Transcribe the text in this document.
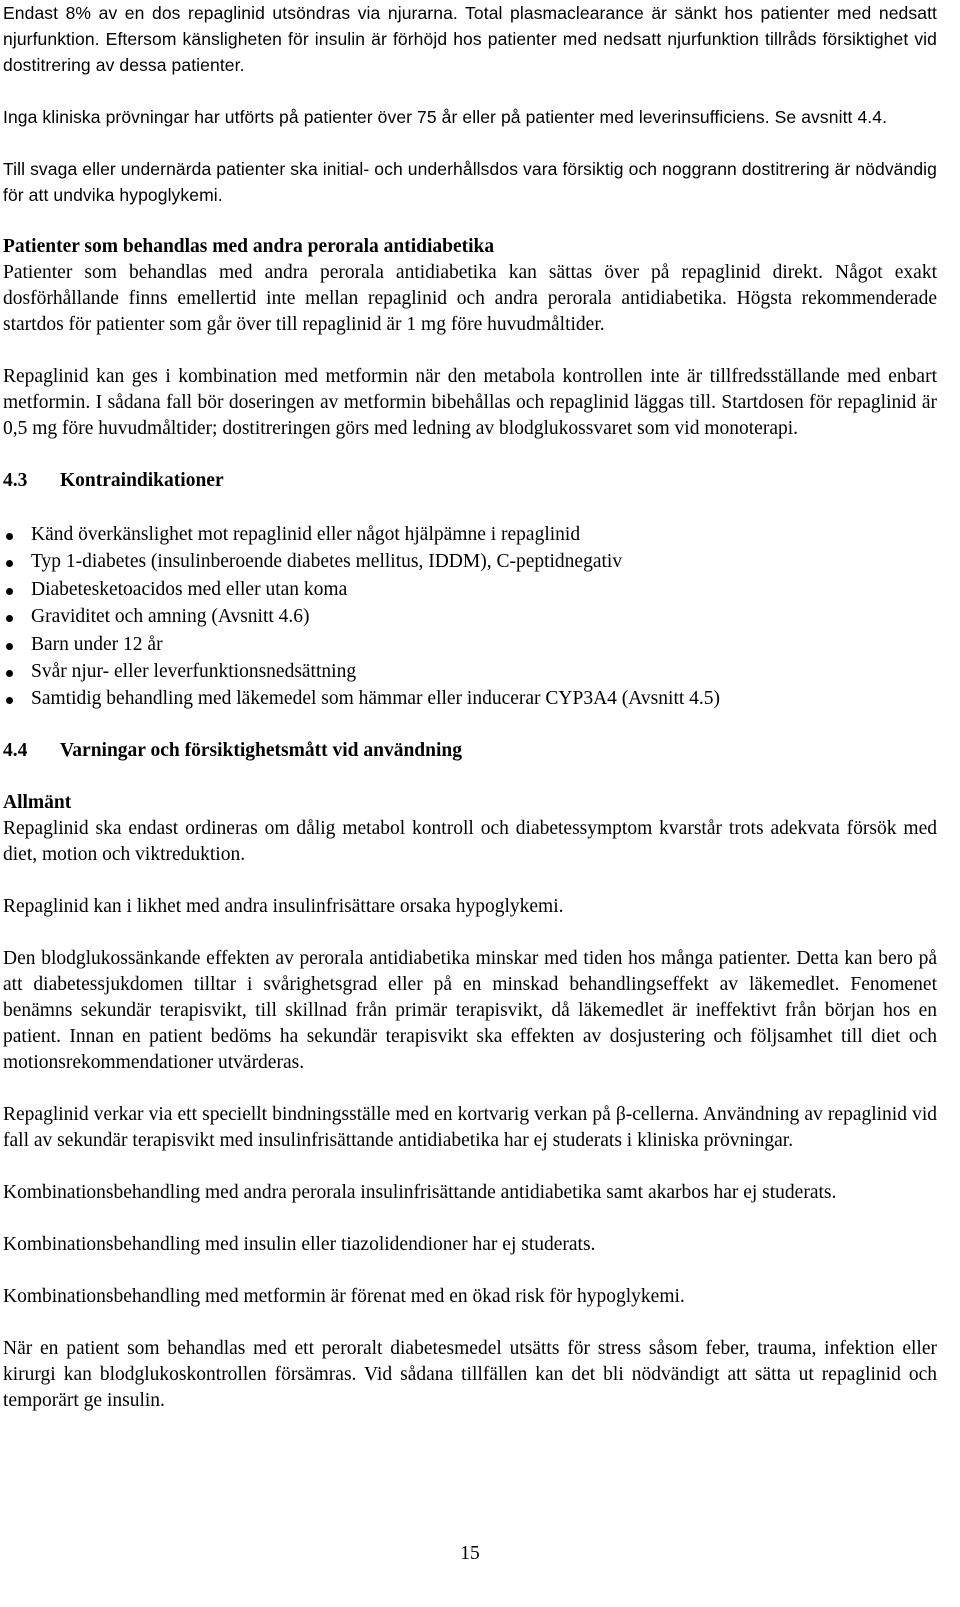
Endast 8% av en dos repaglinid utsöndras via njurarna. Total plasmaclearance är sänkt hos patienter med nedsatt njurfunktion. Eftersom känsligheten för insulin är förhöjd hos patienter med nedsatt njurfunktion tillråds försiktighet vid dostitrering av dessa patienter.

Inga kliniska prövningar har utförts på patienter över 75 år eller på patienter med leverinsufficiens. Se avsnitt 4.4.

Till svaga eller undernärda patienter ska initial- och underhållsdos vara försiktig och noggrann dostitrering är nödvändig för att undvika hypoglykemi.

Patienter som behandlas med andra perorala antidiabetika

Patienter som behandlas med andra perorala antidiabetika kan sättas över på repaglinid direkt. Något exakt dosförhållande finns emellertid inte mellan repaglinid och andra perorala antidiabetika. Högsta rekommenderade startdos för patienter som går över till repaglinid är 1 mg före huvudmåltider.

Repaglinid kan ges i kombination med metformin när den metabola kontrollen inte är tillfredsställande med enbart metformin. I sådana fall bör doseringen av metformin bibehållas och repaglinid läggas till. Startdosen för repaglinid är 0,5 mg före huvudmåltider; dostitreringen görs med ledning av blodglukossvaret som vid monoterapi.

4.3	Kontraindikationer
Känd överkänslighet mot repaglinid eller något hjälpämne i repaglinid
Typ 1-diabetes (insulinberoende diabetes mellitus, IDDM), C-peptidnegativ
Diabetesketoacidos med eller utan koma
Graviditet och amning (Avsnitt 4.6)
Barn under 12 år
Svår njur- eller leverfunktionsnedsättning
Samtidig behandling med läkemedel som hämmar eller inducerar CYP3A4 (Avsnitt 4.5)
4.4	Varningar och försiktighetsmått vid användning

Allmänt

Repaglinid ska endast ordineras om dålig metabol kontroll och diabetessymptom kvarstår trots adekvata försök med diet, motion och viktreduktion.

Repaglinid kan i likhet med andra insulinfrisättare orsaka hypoglykemi.

Den blodglukossänkande effekten av perorala antidiabetika minskar med tiden hos många patienter. Detta kan bero på att diabetessjukdomen tilltar i svårighetsgrad eller på en minskad behandlingseffekt av läkemedlet. Fenomenet benämns sekundär terapisvikt, till skillnad från primär terapisvikt, då läkemedlet är ineffektivt från början hos en patient. Innan en patient bedöms ha sekundär terapisvikt ska effekten av dosjustering och följsamhet till diet och motionsrekommendationer utvärderas.

Repaglinid verkar via ett speciellt bindningsställe med en kortvarig verkan på β-cellerna. Användning av repaglinid vid fall av sekundär terapisvikt med insulinfrisättande antidiabetika har ej studerats i kliniska prövningar.

Kombinationsbehandling med andra perorala insulinfrisättande antidiabetika samt akarbos har ej studerats.

Kombinationsbehandling med insulin eller tiazolidendioner har ej studerats.

Kombinationsbehandling med metformin är förenat med en ökad risk för hypoglykemi.

När en patient som behandlas med ett peroralt diabetesmedel utsätts för stress såsom feber, trauma, infektion eller kirurgi kan blodglukoskontrollen försämras. Vid sådana tillfällen kan det bli nödvändigt att sätta ut repaglinid och temporärt ge insulin.

15
